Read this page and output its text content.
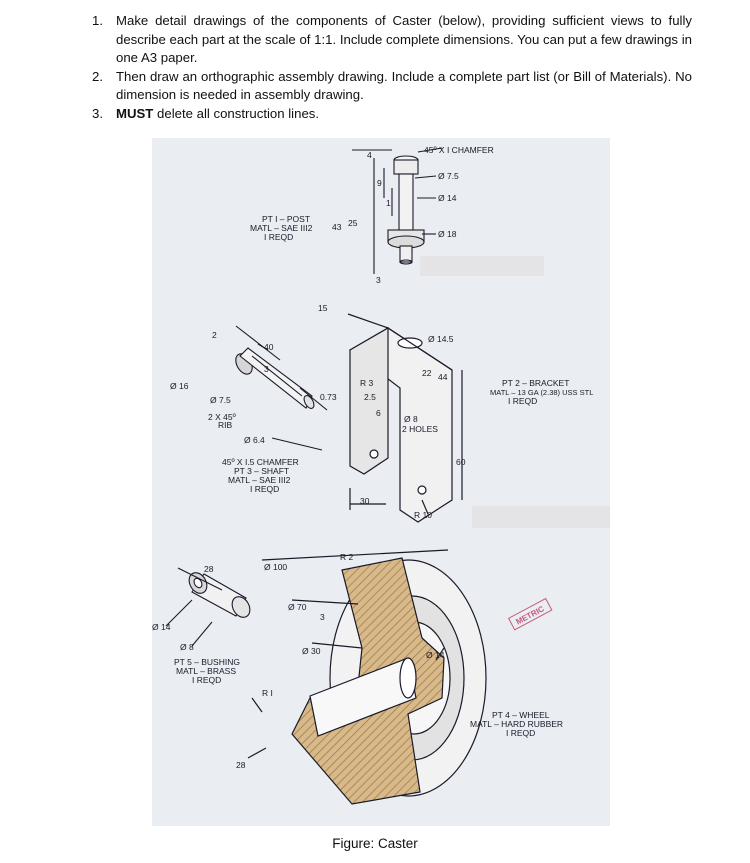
1. Make detail drawings of the components of Caster (below), providing sufficient views to fully describe each part at the scale of 1:1. Include complete dimensions. You can put a few drawings in one A3 paper.
2. Then draw an orthographic assembly drawing. Include a complete part list (or Bill of Materials). No dimension is needed in assembly drawing.
3. MUST delete all construction lines.
45º X I CHAMFER
Ø 7.5
Ø 14
Ø 18
4
9
1
43 25
3
PT I – POST
MATL – SAE III2
I REQD
2
40
3
Ø 16
Ø 7.5
2 X 45º
RIB
0.73
Ø 6.4
45º X I.5 CHAMFER
PT 3 – SHAFT
MATL – SAE III2
I REQD
15
Ø 14.5
R 3
2.5
22 44
6
Ø 8
2 HOLES
60
30
R 10
PT 2 – BRACKET
MATL – 13 GA (2.38) USS STL
I REQD
28
Ø 14
Ø 8
PT 5 – BUSHING
MATL – BRASS
I REQD
Ø 100
Ø 70
3
Ø 30
R 2
Ø 14
R I
28
PT 4 – WHEEL
MATL – HARD RUBBER
I REQD
METRIC
Figure: Caster
